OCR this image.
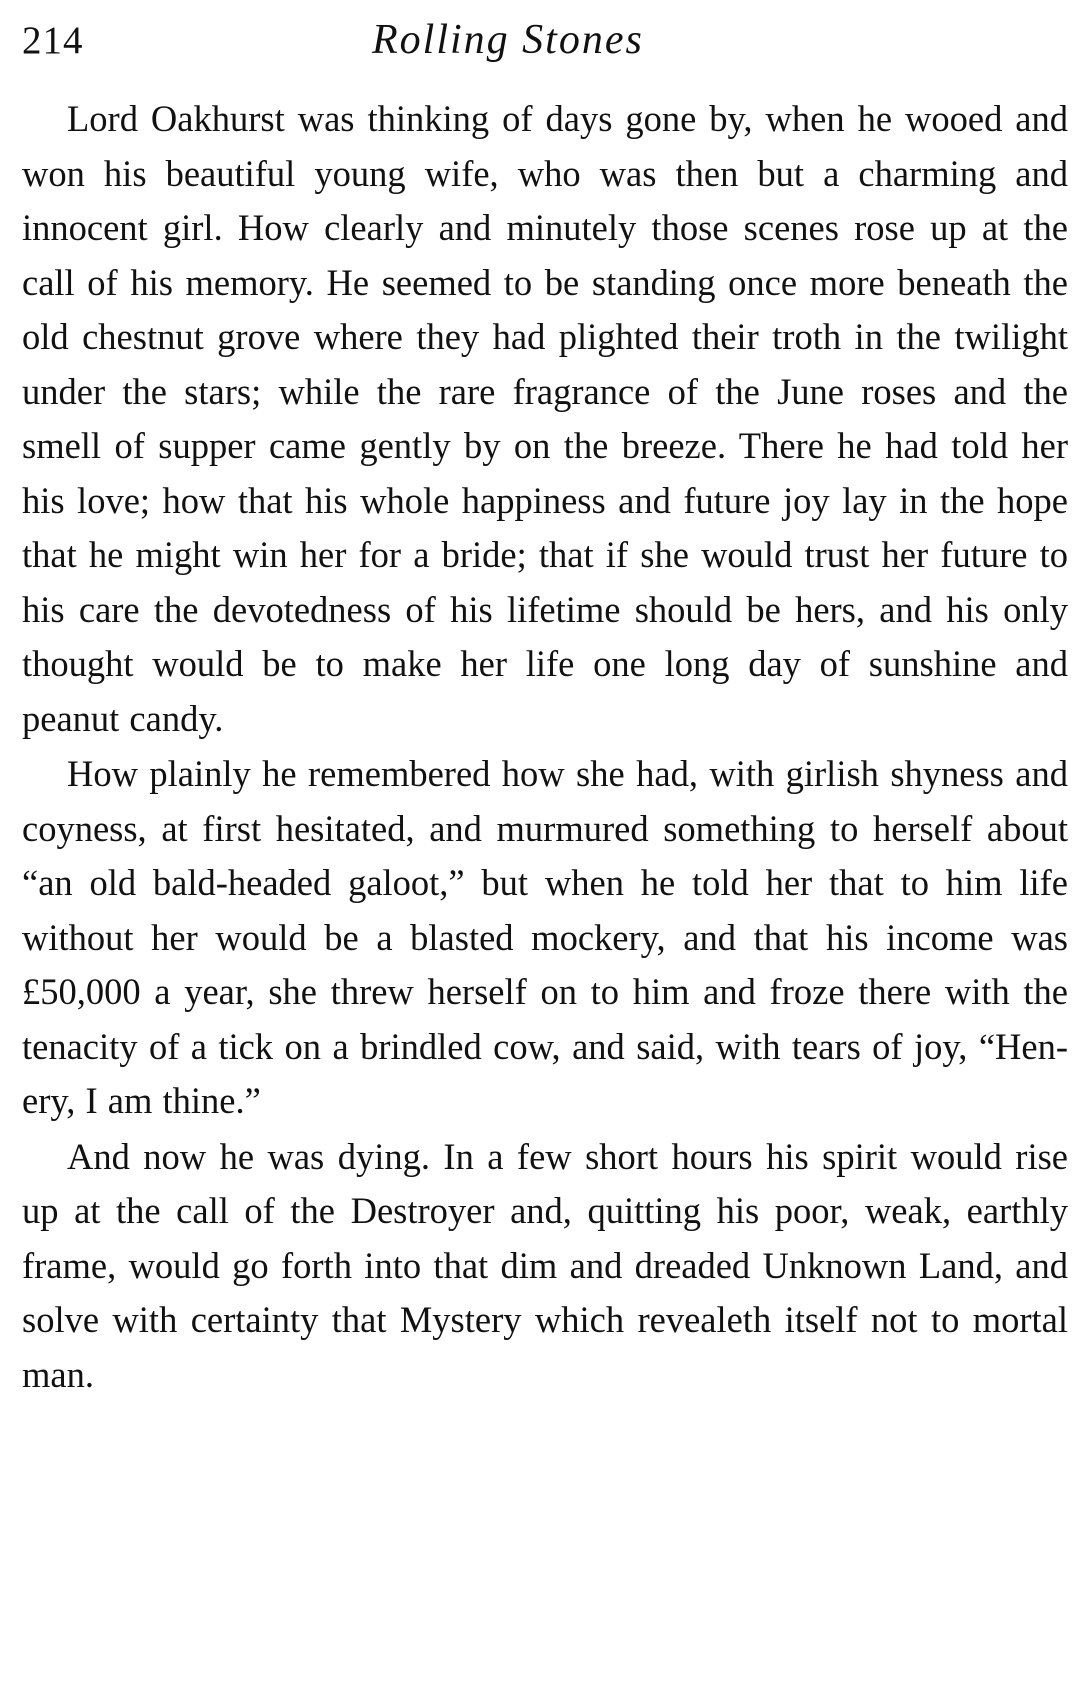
214	Rolling Stones

Lord Oakhurst was thinking of days gone by, when he wooed and won his beautiful young wife, who was then but a charming and innocent girl. How clearly and minutely those scenes rose up at the call of his memory. He seemed to be standing once more beneath the old chestnut grove where they had plighted their troth in the twilight under the stars; while the rare fragrance of the June roses and the smell of supper came gently by on the breeze. There he had told her his love; how that his whole happiness and future joy lay in the hope that he might win her for a bride; that if she would trust her future to his care the devotedness of his lifetime should be hers, and his only thought would be to make her life one long day of sunshine and peanut candy.

How plainly he remembered how she had, with girlish shyness and coyness, at first hesitated, and murmured something to herself about “an old bald-headed galoot,” but when he told her that to him life without her would be a blasted mockery, and that his income was £50,000 a year, she threw herself on to him and froze there with the tenacity of a tick on a brindled cow, and said, with tears of joy, “Hen-ery, I am thine.”

And now he was dying. In a few short hours his spirit would rise up at the call of the Destroyer and, quitting his poor, weak, earthly frame, would go forth into that dim and dreaded Unknown Land, and solve with certainty that Mystery which revealeth itself not to mortal man.
